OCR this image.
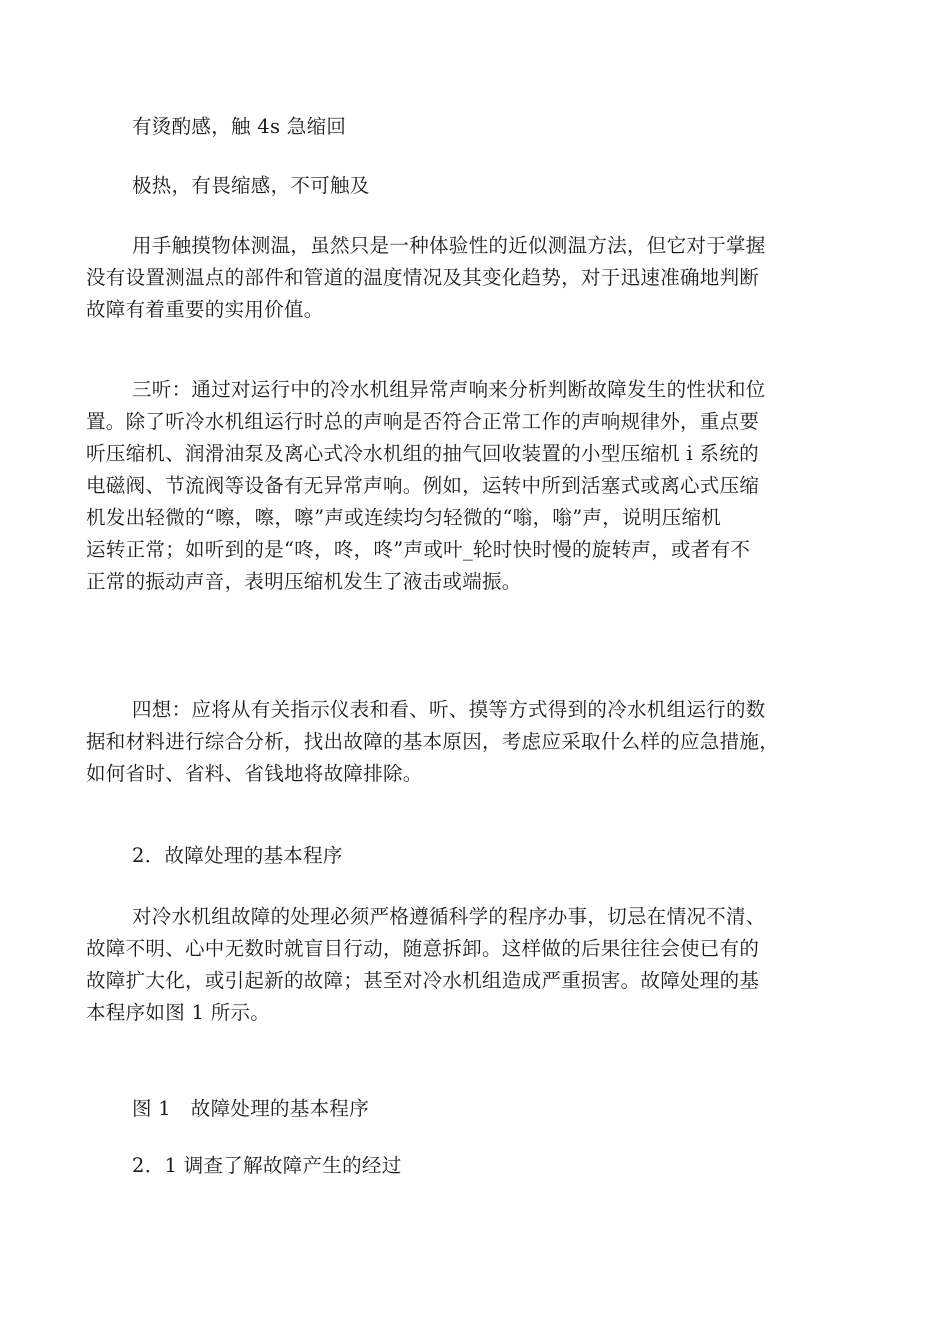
有烫酌感，触 4s 急缩回
极热，有畏缩感，不可触及
用手触摸物体测温，虽然只是一种体验性的近似测温方法，但它对于掌握
没有设置测温点的部件和管道的温度情况及其变化趋势，对于迅速准确地判断
故障有着重要的实用价值。
三听：通过对运行中的冷水机组异常声响来分析判断故障发生的性状和位
置。除了听冷水机组运行时总的声响是否符合正常工作的声响规律外，重点要
听压缩机、润滑油泵及离心式冷水机组的抽气回收装置的小型压缩机 i 系统的
电磁阀、节流阀等设备有无异常声响。例如，运转中所到活塞式或离心式压缩
机发出轻微的“嚓，嚓，嚓”声或连续均匀轻微的“嗡，嗡”声，说明压缩机
运转正常；如听到的是“咚，咚，咚”声或叶_轮时快时慢的旋转声，或者有不
正常的振动声音，表明压缩机发生了液击或端振。
四想：应将从有关指示仪表和看、听、摸等方式得到的冷水机组运行的数
据和材料进行综合分析，找出故障的基本原因，考虑应采取什么样的应急措施，
如何省时、省料、省钱地将故障排除。
2．故障处理的基本程序
对冷水机组故障的处理必须严格遵循科学的程序办事，切忌在情况不清、
故障不明、心中无数时就盲目行动，随意拆卸。这样做的后果往往会使已有的
故障扩大化，或引起新的故障；甚至对冷水机组造成严重损害。故障处理的基
本程序如图 1 所示。
图 1　故障处理的基本程序
2．1 调查了解故障产生的经过
